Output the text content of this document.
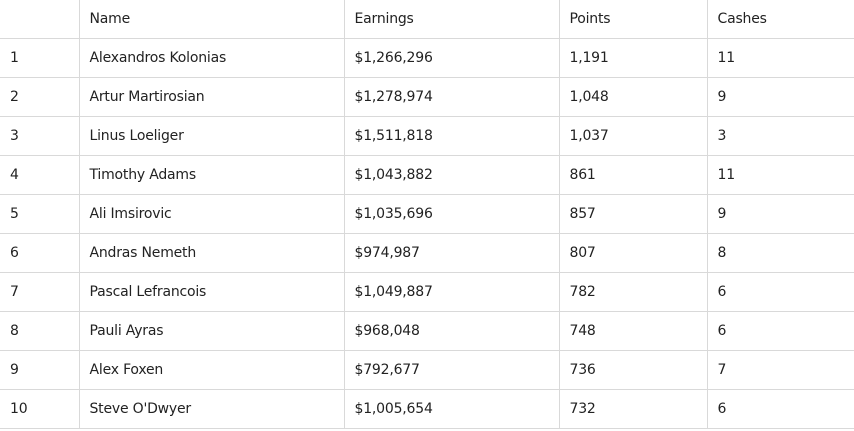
	Name	Earnings	Points	Cashes
1	Alexandros Kolonias	$1,266,296	1,191	11
2	Artur Martirosian	$1,278,974	1,048	9
3	Linus Loeliger	$1,511,818	1,037	3
4	Timothy Adams	$1,043,882	861	11
5	Ali Imsirovic	$1,035,696	857	9
6	Andras Nemeth	$974,987	807	8
7	Pascal Lefrancois	$1,049,887	782	6
8	Pauli Ayras	$968,048	748	6
9	Alex Foxen	$792,677	736	7
10	Steve O'Dwyer	$1,005,654	732	6
